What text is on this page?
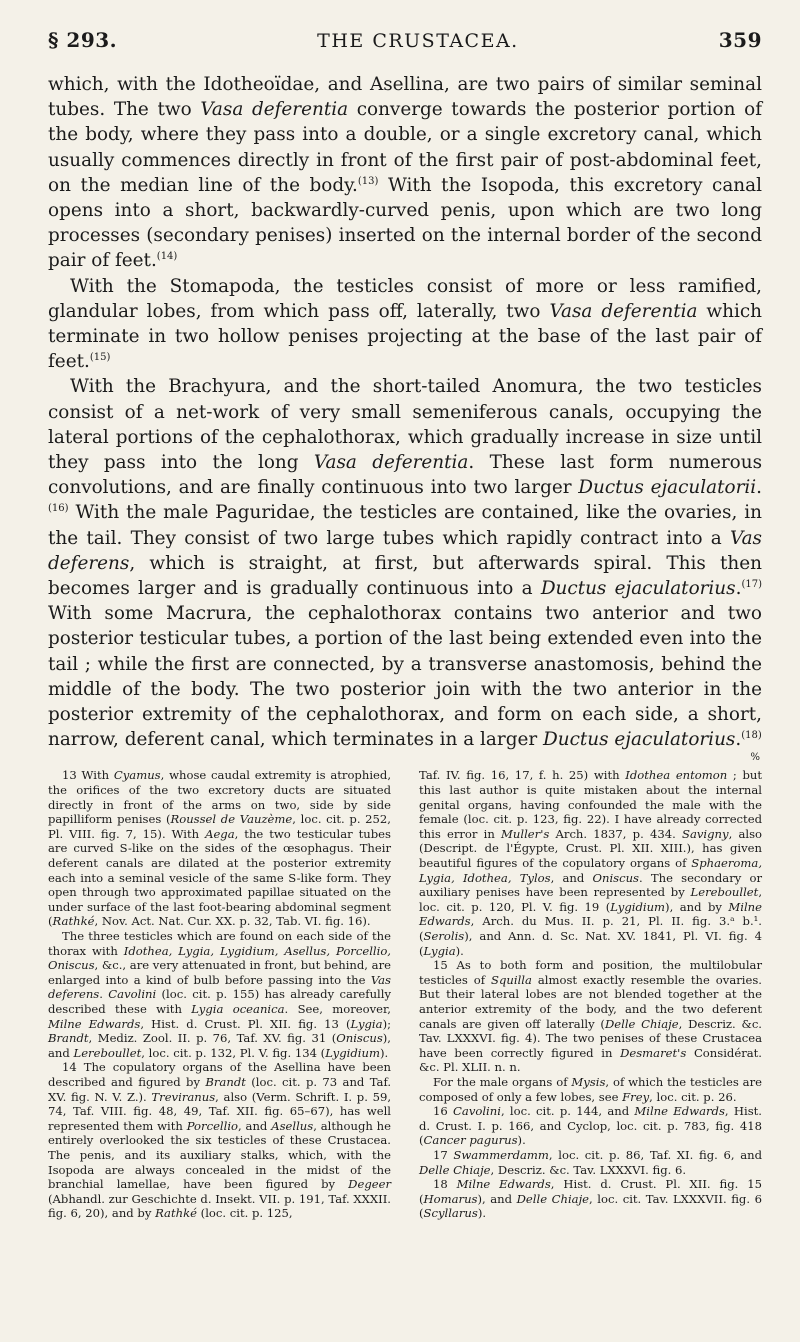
§ 293.	THE CRUSTACEA.	359

which, with the Idotheoïdae, and Asellina, are two pairs of similar seminal tubes. The two Vasa deferentia converge towards the posterior portion of the body, where they pass into a double, or a single excretory canal, which usually commences directly in front of the first pair of post-abdominal feet, on the median line of the body.$^{(13)}$ With the Isopoda, this excretory canal opens into a short, backwardly-curved penis, upon which are two long processes (secondary penises) inserted on the internal border of the second pair of feet.$^{(14)}$

With the Stomapoda, the testicles consist of more or less ramified, glandular lobes, from which pass off, laterally, two Vasa deferentia which terminate in two hollow penises projecting at the base of the last pair of feet.$^{(15)}$

With the Brachyura, and the short-tailed Anomura, the two testicles consist of a net-work of very small semeniferous canals, occupying the lateral portions of the cephalothorax, which gradually increase in size until they pass into the long Vasa deferentia. These last form numerous convolutions, and are finally continuous into two larger Ductus ejaculatorii.$^{(16)}$ With the male Paguridae, the testicles are contained, like the ovaries, in the tail. They consist of two large tubes which rapidly contract into a Vas deferens, which is straight, at first, but afterwards spiral. This then becomes larger and is gradually continuous into a Ductus ejaculatorius.$^{(17)}$ With some Macrura, the cephalothorax contains two anterior and two posterior testicular tubes, a portion of the last being extended even into the tail ; while the first are connected, by a transverse anastomosis, behind the middle of the body. The two posterior join with the two anterior in the posterior extremity of the cephalothorax, and form on each side, a short, narrow, deferent canal, which terminates in a larger Ductus ejaculatorius.$^{(18)}$

%

13 With Cyamus, whose caudal extremity is atrophied, the orifices of the two excretory ducts are situated directly in front of the arms on two, side by side papilliform penises (Roussel de Vauzème, loc. cit. p. 252, Pl. VIII. fig. 7, 15). With Aega, the two testicular tubes are curved S-like on the sides of the œsophagus. Their deferent canals are dilated at the posterior extremity each into a seminal vesicle of the same S-like form. They open through two approximated papillae situated on the under surface of the last foot-bearing abdominal segment (Rathké, Nov. Act. Nat. Cur. XX. p. 32, Tab. VI. fig. 16).

The three testicles which are found on each side of the thorax with Idothea, Lygia, Lygidium, Asellus, Porcellio, Oniscus, &c., are very attenuated in front, but behind, are enlarged into a kind of bulb before passing into the Vas deferens. Cavolini (loc. cit. p. 155) has already carefully described these with Lygia oceanica. See, moreover, Milne Edwards, Hist. d. Crust. Pl. XII. fig. 13 (Lygia); Brandt, Mediz. Zool. II. p. 76, Taf. XV. fig. 31 (Oniscus), and Lereboullet, loc. cit. p. 132, Pl. V. fig. 134 (Lygidium).

14 The copulatory organs of the Asellina have been described and figured by Brandt (loc. cit. p. 73 and Taf. XV. fig. N. V. Z.). Treviranus, also (Verm. Schrift. I. p. 59, 74, Taf. VIII. fig. 48, 49, Taf. XII. fig. 65–67), has well represented them with Porcellio, and Asellus, although he entirely overlooked the six testicles of these Crustacea. The penis, and its auxiliary stalks, which, with the Isopoda are always concealed in the midst of the branchial lamellae, have been figured by Degeer (Abhandl. zur Geschichte d. Insekt. VII. p. 191, Taf. XXXII. fig. 6, 20), and by Rathké (loc. cit. p. 125,

Taf. IV. fig. 16, 17, f. h. 25) with Idothea entomon ; but this last author is quite mistaken about the internal genital organs, having confounded the male with the female (loc. cit. p. 123, fig. 22). I have already corrected this error in Muller's Arch. 1837, p. 434. Savigny, also (Descript. de l'Égypte, Crust. Pl. XII. XIII.), has given beautiful figures of the copulatory organs of Sphaeroma, Lygia, Idothea, Tylos, and Oniscus. The secondary or auxiliary penises have been represented by Lereboullet, loc. cit. p. 120, Pl. V. fig. 19 (Lygidium), and by Milne Edwards, Arch. du Mus. II. p. 21, Pl. II. fig. 3.ᵃ b.¹. (Serolis), and Ann. d. Sc. Nat. XV. 1841, Pl. VI. fig. 4 (Lygia).

15 As to both form and position, the multilobular testicles of Squilla almost exactly resemble the ovaries. But their lateral lobes are not blended together at the anterior extremity of the body, and the two deferent canals are given off laterally (Delle Chiaje, Descriz. &c. Tav. LXXXVI. fig. 4). The two penises of these Crustacea have been correctly figured in Desmaret's Considérat. &c. Pl. XLII. n. n.

For the male organs of Mysis, of which the testicles are composed of only a few lobes, see Frey, loc. cit. p. 26.

16 Cavolini, loc. cit. p. 144, and Milne Edwards, Hist. d. Crust. I. p. 166, and Cyclop, loc. cit. p. 783, fig. 418 (Cancer pagurus).

17 Swammerdamm, loc. cit. p. 86, Taf. XI. fig. 6, and Delle Chiaje, Descriz. &c. Tav. LXXXVI. fig. 6.

18 Milne Edwards, Hist. d. Crust. Pl. XII. fig. 15 (Homarus), and Delle Chiaje, loc. cit. Tav. LXXXVII. fig. 6 (Scyllarus).
